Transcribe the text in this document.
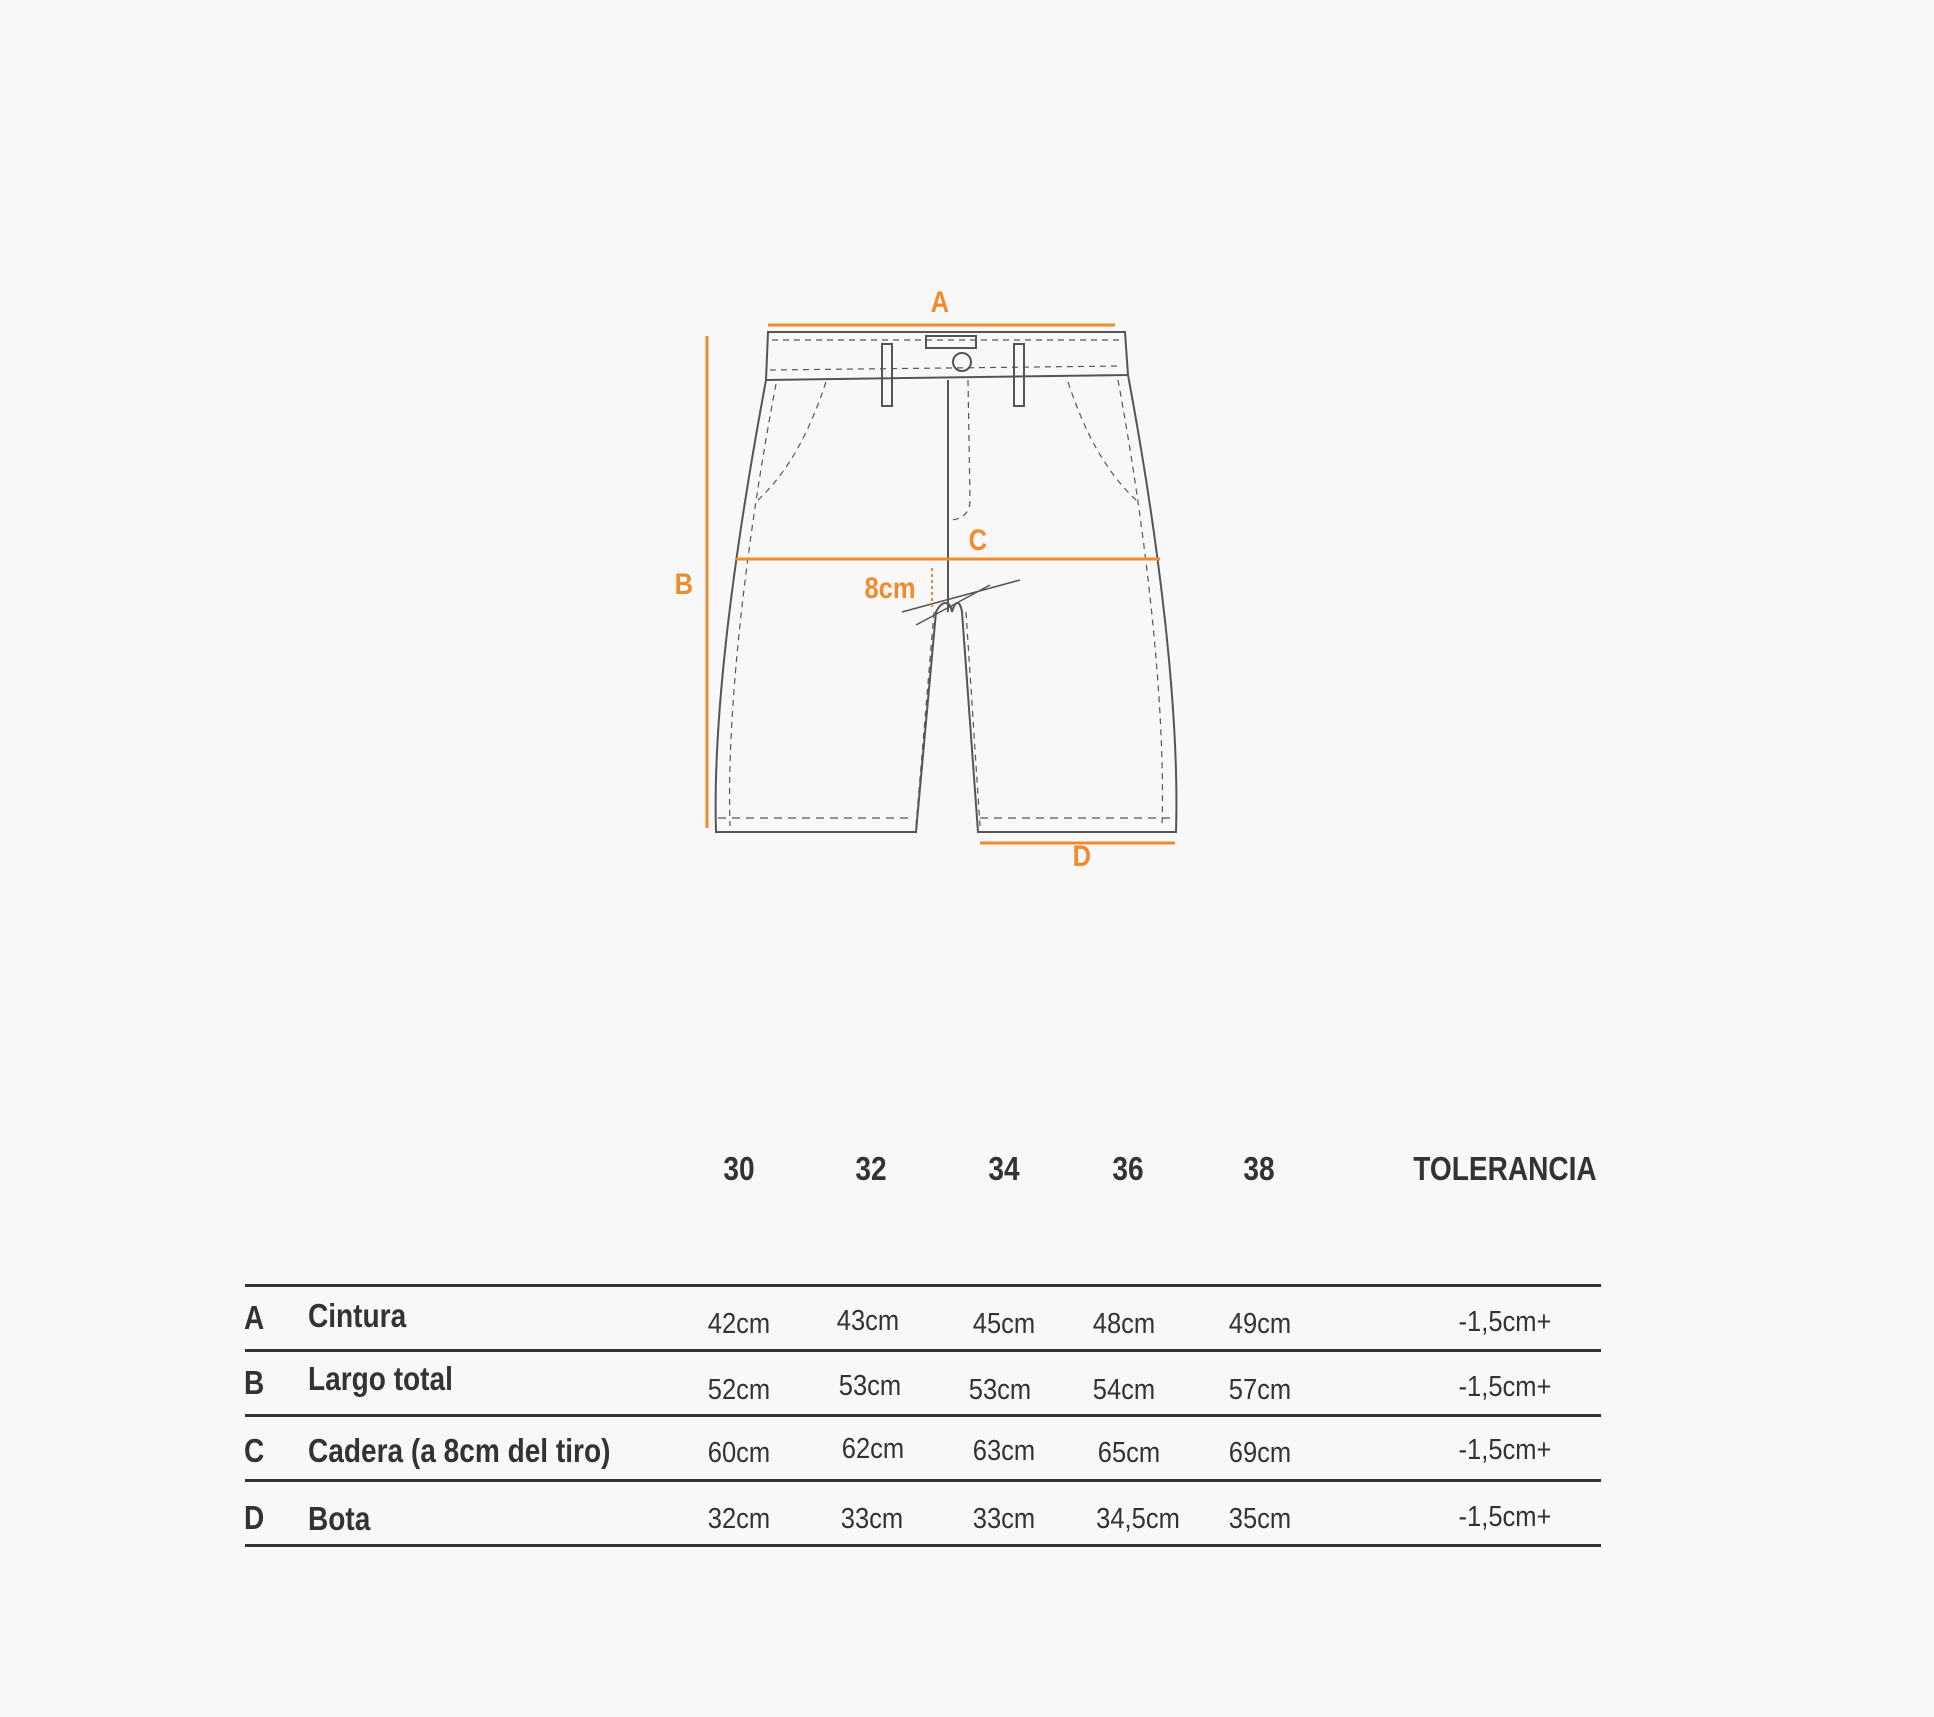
A
B
C
D
8cm
30	32	34	36	38	TOLERANCIA
A Cintura	42cm	43cm	45cm	48cm	49cm	-1,5cm+
B Largo total	52cm	53cm	53cm	54cm	57cm	-1,5cm+
C Cadera (a 8cm del tiro)	60cm	62cm	63cm	65cm	69cm	-1,5cm+
D Bota	32cm	33cm	33cm	34,5cm	35cm	-1,5cm+
